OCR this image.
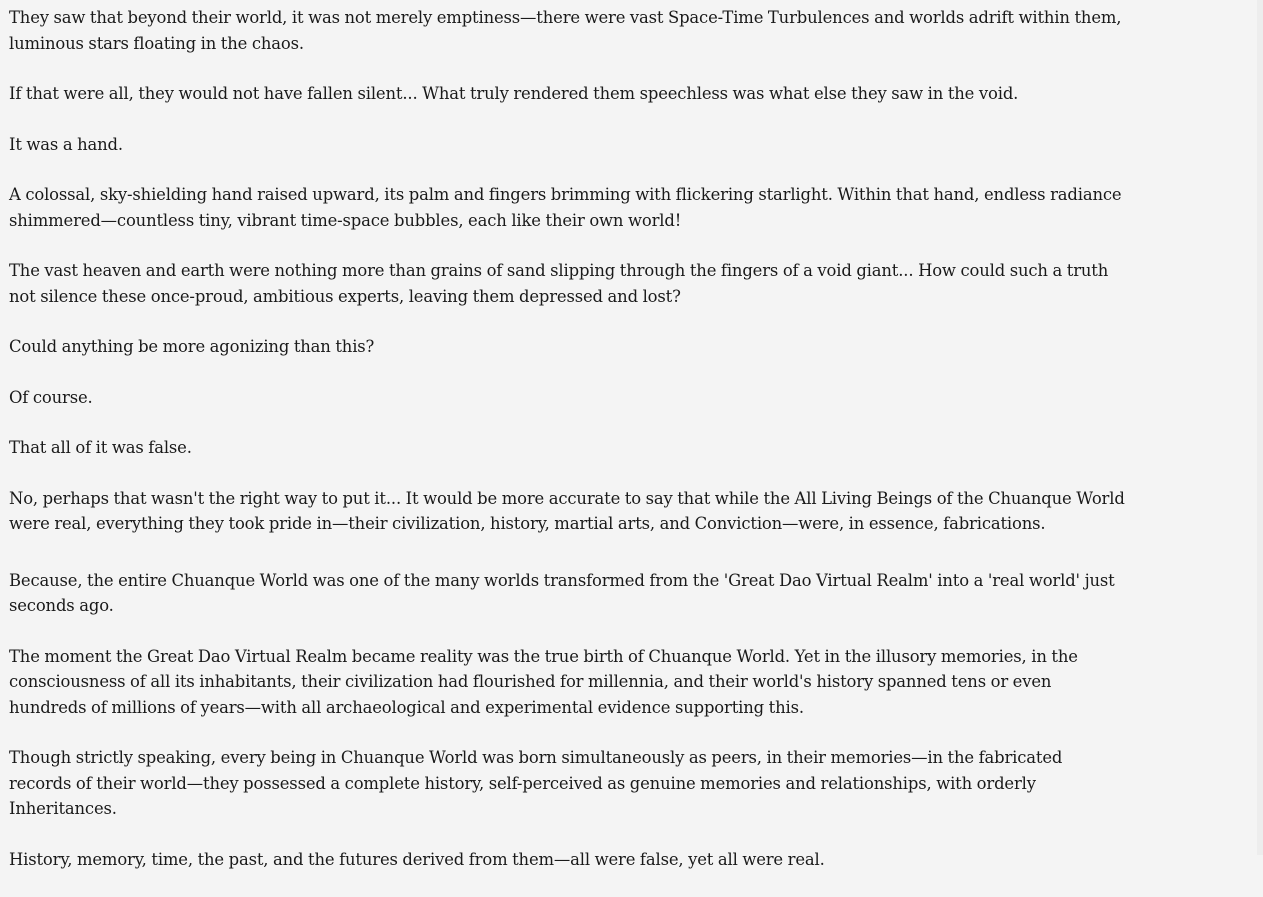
They saw that beyond their world, it was not merely emptiness—there were vast Space-Time Turbulences and worlds adrift within them, luminous stars floating in the chaos.

If that were all, they would not have fallen silent... What truly rendered them speechless was what else they saw in the void.

It was a hand.

A colossal, sky-shielding hand raised upward, its palm and fingers brimming with flickering starlight. Within that hand, endless radiance shimmered—countless tiny, vibrant time-space bubbles, each like their own world!

The vast heaven and earth were nothing more than grains of sand slipping through the fingers of a void giant... How could such a truth not silence these once-proud, ambitious experts, leaving them depressed and lost?

Could anything be more agonizing than this?

Of course.

That all of it was false.

No, perhaps that wasn't the right way to put it... It would be more accurate to say that while the All Living Beings of the Chuanque World were real, everything they took pride in—their civilization, history, martial arts, and Conviction—were, in essence, fabrications.

Because, the entire Chuanque World was one of the many worlds transformed from the 'Great Dao Virtual Realm' into a 'real world' just seconds ago.

The moment the Great Dao Virtual Realm became reality was the true birth of Chuanque World. Yet in the illusory memories, in the consciousness of all its inhabitants, their civilization had flourished for millennia, and their world's history spanned tens or even hundreds of millions of years—with all archaeological and experimental evidence supporting this.

Though strictly speaking, every being in Chuanque World was born simultaneously as peers, in their memories—in the fabricated records of their world—they possessed a complete history, self-perceived as genuine memories and relationships, with orderly Inheritances.

History, memory, time, the past, and the futures derived from them—all were false, yet all were real.
